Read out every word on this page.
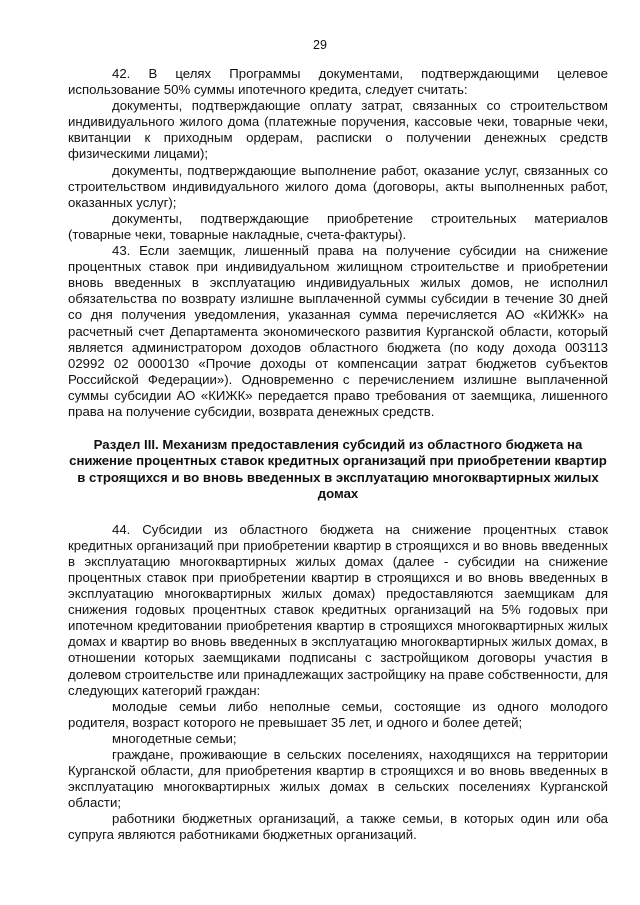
29

42. В целях Программы документами, подтверждающими целевое использование 50% суммы ипотечного кредита, следует считать:

документы, подтверждающие оплату затрат, связанных со строительством индивидуального жилого дома (платежные поручения, кассовые чеки, товарные чеки, квитанции к приходным ордерам, расписки о получении денежных средств физическими лицами);

документы, подтверждающие выполнение работ, оказание услуг, связанных со строительством индивидуального жилого дома (договоры, акты выполненных работ, оказанных услуг);

документы, подтверждающие приобретение строительных материалов (товарные чеки, товарные накладные, счета-фактуры).

43. Если заемщик, лишенный права на получение субсидии на снижение процентных ставок при индивидуальном жилищном строительстве и приобретении вновь введенных в эксплуатацию индивидуальных жилых домов, не исполнил обязательства по возврату излишне выплаченной суммы субсидии в течение 30 дней со дня получения уведомления, указанная сумма перечисляется АО «КИЖК» на расчетный счет Департамента экономического развития Курганской области, который является администратором доходов областного бюджета (по коду дохода 003113 02992 02 0000130 «Прочие доходы от компенсации затрат бюджетов субъектов Российской Федерации»). Одновременно с перечислением излишне выплаченной суммы субсидии АО «КИЖК» передается право требования от заемщика, лишенного права на получение субсидии, возврата денежных средств.

Раздел III. Механизм предоставления субсидий из областного бюджета на снижение процентных ставок кредитных организаций при приобретении квартир в строящихся и во вновь введенных в эксплуатацию многоквартирных жилых домах

44. Субсидии из областного бюджета на снижение процентных ставок кредитных организаций при приобретении квартир в строящихся и во вновь введенных в эксплуатацию многоквартирных жилых домах (далее - субсидии на снижение процентных ставок при приобретении квартир в строящихся и во вновь введенных в эксплуатацию многоквартирных жилых домах) предоставляются заемщикам для снижения годовых процентных ставок кредитных организаций на 5% годовых при ипотечном кредитовании приобретения квартир в строящихся многоквартирных жилых домах и квартир во вновь введенных в эксплуатацию многоквартирных жилых домах, в отношении которых заемщиками подписаны с застройщиком договоры участия в долевом строительстве или принадлежащих застройщику на праве собственности, для следующих категорий граждан:

молодые семьи либо неполные семьи, состоящие из одного молодого родителя, возраст которого не превышает 35 лет, и одного и более детей;

многодетные семьи;

граждане, проживающие в сельских поселениях, находящихся на территории Курганской области, для приобретения квартир в строящихся и во вновь введенных в эксплуатацию многоквартирных жилых домах в сельских поселениях Курганской области;

работники бюджетных организаций, а также семьи, в которых один или оба супруга являются работниками бюджетных организаций.
